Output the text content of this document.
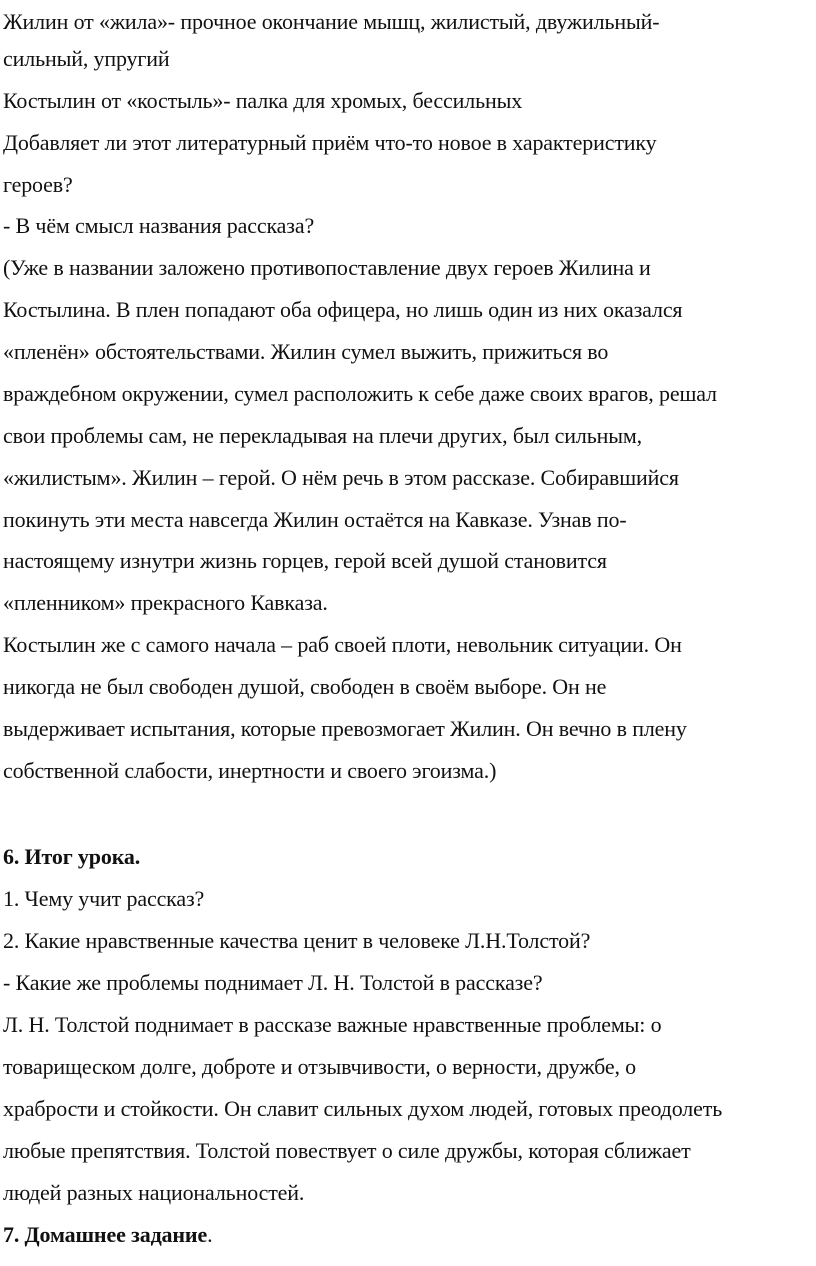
Жилин от «жила»- прочное окончание мышц, жилистый, двужильный-
сильный, упругий
Костылин от «костыль»- палка для хромых, бессильных
Добавляет ли этот литературный приём что-то новое в характеристику
героев?
- В чём смысл названия рассказа?
(Уже в названии заложено противопоставление двух героев Жилина и
Костылина. В плен попадают оба офицера, но лишь один из них оказался
«пленён» обстоятельствами. Жилин сумел выжить, прижиться во
враждебном окружении, сумел расположить к себе даже своих врагов, решал
свои проблемы сам, не перекладывая на плечи других, был сильным,
«жилистым». Жилин – герой. О нём речь в этом рассказе. Собиравшийся
покинуть эти места навсегда Жилин остаётся на Кавказе. Узнав по-
настоящему изнутри жизнь горцев, герой всей душой становится
«пленником» прекрасного Кавказа.
Костылин же с самого начала – раб своей плоти, невольник ситуации. Он
никогда не был свободен душой, свободен в своём выборе. Он не
выдерживает испытания, которые превозмогает Жилин. Он вечно в плену
собственной слабости, инертности и своего эгоизма.)
6. Итог урока.
1. Чему учит рассказ?
2. Какие нравственные качества ценит в человеке Л.Н.Толстой?
- Какие же проблемы поднимает Л. Н. Толстой в рассказе?
Л. Н. Толстой поднимает в рассказе важные нравственные проблемы: о
товарищеском долге, доброте и отзывчивости, о верности, дружбе, о
храбрости и стойкости. Он славит сильных духом людей, готовых преодолеть
любые препятствия. Толстой повествует о силе дружбы, которая сближает
людей разных национальностей.
7. Домашнее задание.
